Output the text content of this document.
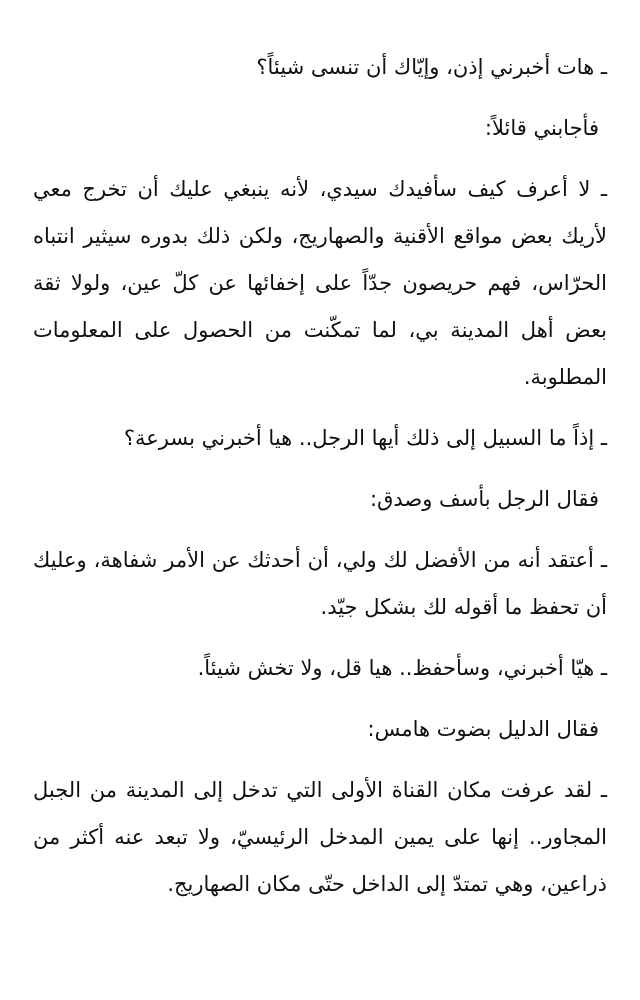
ـ هات أخبرني إذن، وإيّاك أن تنسى شيئاً؟

فأجابني قائلاً:

ـ لا أعرف كيف سأفيدك سيدي، لأنه ينبغي عليك أن تخرج معي لأريك بعض مواقع الأقنية والصهاريج، ولكن ذلك بدوره سيثير انتباه الحرّاس، فهم حريصون جدّاً على إخفائها عن كلّ عين، ولولا ثقة بعض أهل المدينة بي، لما تمكّنت من الحصول على المعلومات المطلوبة.

ـ إذاً ما السبيل إلى ذلك أيها الرجل.. هيا أخبرني بسرعة؟

فقال الرجل بأسف وصدق:

ـ أعتقد أنه من الأفضل لك ولي، أن أحدثك عن الأمر شفاهة، وعليك أن تحفظ ما أقوله لك بشكل جيّد.

ـ هيّا أخبرني، وسأحفظ.. هيا قل، ولا تخش شيئاً.

فقال الدليل بضوت هامس:

ـ لقد عرفت مكان القناة الأولى التي تدخل إلى المدينة من الجبل المجاور.. إنها على يمين المدخل الرئيسيّ، ولا تبعد عنه أكثر من ذراعين، وهي تمتدّ إلى الداخل حتّى مكان الصهاريج.
